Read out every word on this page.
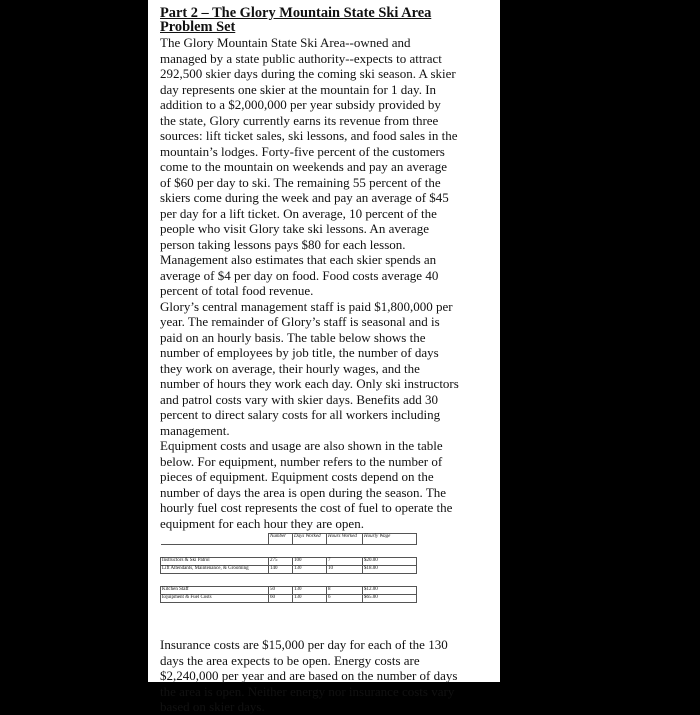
Part 2 – The Glory Mountain State Ski Area Problem Set

The Glory Mountain State Ski Area--owned and managed by a state public authority--expects to attract 292,500 skier days during the coming ski season. A skier day represents one skier at the mountain for 1 day. In addition to a $2,000,000 per year subsidy provided by the state, Glory currently earns its revenue from three sources: lift ticket sales, ski lessons, and food sales in the mountain’s lodges. Forty-five percent of the customers come to the mountain on weekends and pay an average of $60 per day to ski. The remaining 55 percent of the skiers come during the week and pay an average of $45 per day for a lift ticket. On average, 10 percent of the people who visit Glory take ski lessons. An average person taking lessons pays $80 for each lesson. Management also estimates that each skier spends an average of $4 per day on food. Food costs average 40 percent of total food revenue.

Glory’s central management staff is paid $1,800,000 per year. The remainder of Glory’s staff is seasonal and is paid on an hourly basis. The table below shows the number of employees by job title, the number of days they work on average, their hourly wages, and the number of hours they work each day. Only ski instructors and patrol costs vary with skier days. Benefits add 30 percent to direct salary costs for all workers including management.

Equipment costs and usage are also shown in the table below. For equipment, number refers to the number of pieces of equipment. Equipment costs depend on the number of days the area is open during the season. The hourly fuel cost represents the cost of fuel to operate the equipment for each hour they are open.

	Number	Days Worked	Hours Worked	Hourly Wage

Instructors & Ski Patrol	275	100	7	$20.00
Lift Attendants, Maintenance, & Grooming	140	130	10	$18.00

Kitchen Staff	50	130	8	$12.00
Equipment & Fuel Costs	60	130	6	$65.00

Insurance costs are $15,000 per day for each of the 130 days the area expects to be open. Energy costs are $2,240,000 per year and are based on the number of days the area is open. Neither energy nor insurance costs vary based on skier days.
